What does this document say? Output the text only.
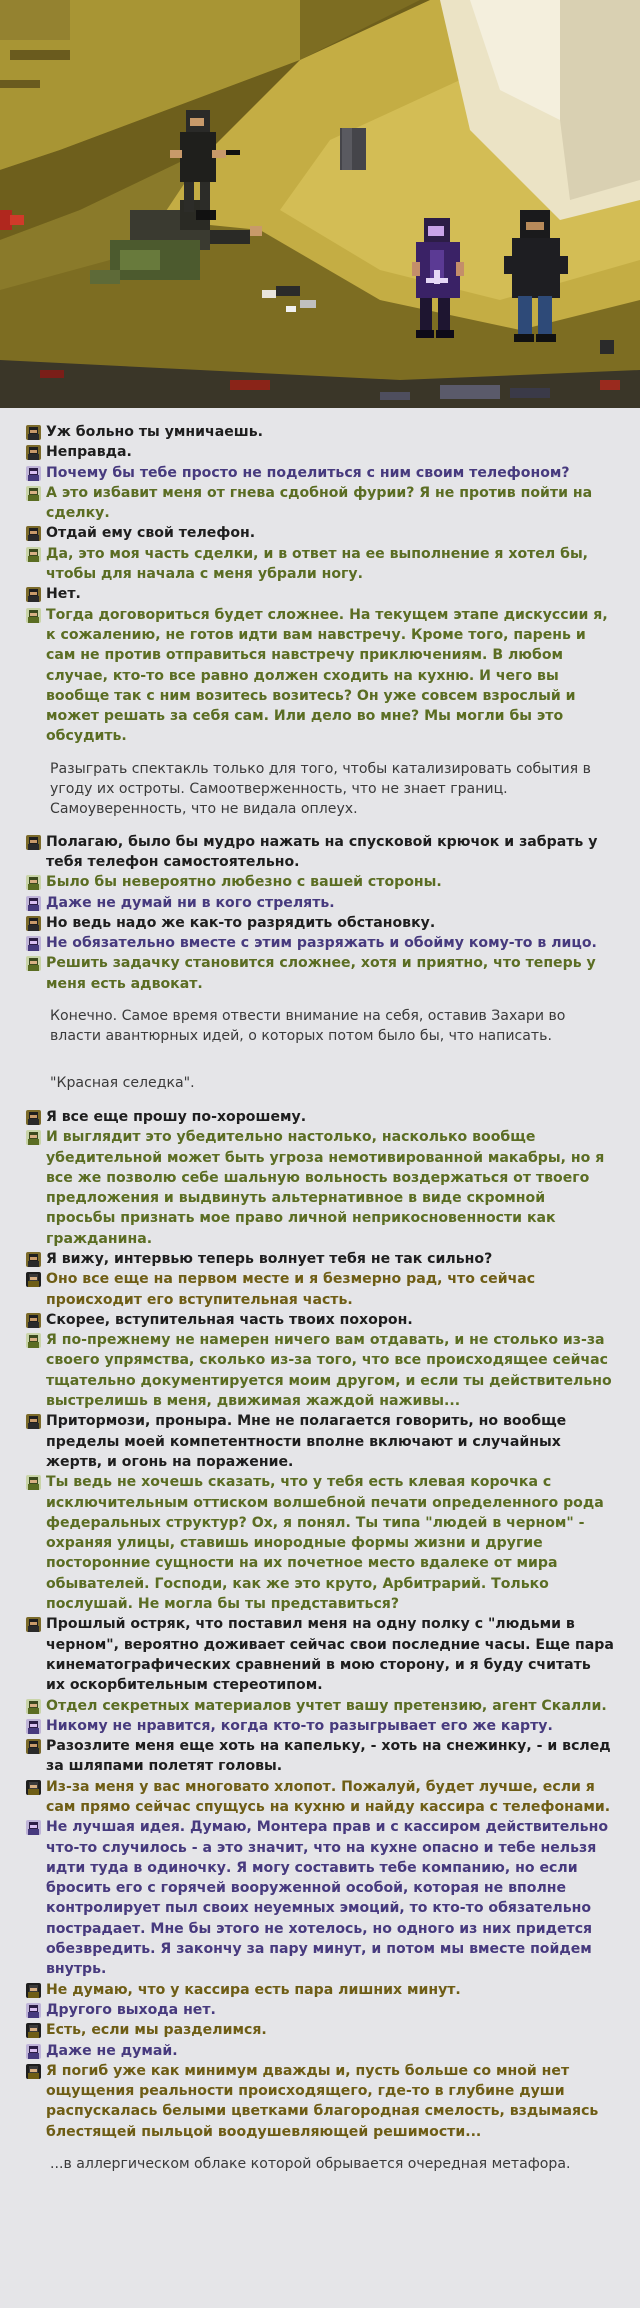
Уж больно ты умничаешь.
Неправда.
Почему бы тебе просто не поделиться с ним своим телефоном?
А это избавит меня от гнева сдобной фурии? Я не против пойти на сделку.
Отдай ему свой телефон.
Да, это моя часть сделки, и в ответ на ее выполнение я хотел бы, чтобы для начала с меня убрали ногу.
Нет.
Тогда договориться будет сложнее. На текущем этапе дискуссии я, к сожалению, не готов идти вам навстречу. Кроме того, парень и сам не против отправиться навстречу приключениям. В любом случае, кто-то все равно должен сходить на кухню. И чего вы вообще так с ним возитесь возитесь? Он уже совсем взрослый и может решать за себя сам. Или дело во мне? Мы могли бы это обсудить.

Разыграть спектакль только для того, чтобы катализировать события в угоду их остроты. Самоотверженность, что не знает границ. Самоуверенность, что не видала оплеух.

Полагаю, было бы мудро нажать на спусковой крючок и забрать у тебя телефон самостоятельно.
Было бы невероятно любезно с вашей стороны.
Даже не думай ни в кого стрелять.
Но ведь надо же как-то разрядить обстановку.
Не обязательно вместе с этим разряжать и обойму кому-то в лицо.
Решить задачку становится сложнее, хотя и приятно, что теперь у меня есть адвокат.

Конечно. Самое время отвести внимание на себя, оставив Захари во власти авантюрных идей, о которых потом было бы, что написать.

"Красная селедка".

Я все еще прошу по-хорошему.
И выглядит это убедительно настолько, насколько вообще убедительной может быть угроза немотивированной макабры, но я все же позволю себе шальную вольность воздержаться от твоего предложения и выдвинуть альтернативное в виде скромной просьбы признать мое право личной неприкосновенности как гражданина.
Я вижу, интервью теперь волнует тебя не так сильно?
Оно все еще на первом месте и я безмерно рад, что сейчас происходит его вступительная часть.
Скорее, вступительная часть твоих похорон.
Я по-прежнему не намерен ничего вам отдавать, и не столько из-за своего упрямства, сколько из-за того, что все происходящее сейчас тщательно документируется моим другом, и если ты действительно выстрелишь в меня, движимая жаждой наживы...
Притормози, проныра. Мне не полагается говорить, но вообще пределы моей компетентности вполне включают и случайных жертв, и огонь на поражение.
Ты ведь не хочешь сказать, что у тебя есть клевая корочка с исключительным оттиском волшебной печати определенного рода федеральных структур? Ох, я понял. Ты типа "людей в черном" - охраняя улицы, ставишь инородные формы жизни и другие посторонние сущности на их почетное место вдалеке от мира обывателей. Господи, как же это круто, Арбитрарий. Только послушай. Не могла бы ты представиться?
Прошлый остряк, что поставил меня на одну полку с "людьми в черном", вероятно доживает сейчас свои последние часы. Еще пара кинематографических сравнений в мою сторону, и я буду считать их оскорбительным стереотипом.
Отдел секретных материалов учтет вашу претензию, агент Скалли.
Никому не нравится, когда кто-то разыгрывает его же карту.
Разозлите меня еще хоть на капельку, - хоть на снежинку, - и вслед за шляпами полетят головы.
Из-за меня у вас многовато хлопот. Пожалуй, будет лучше, если я сам прямо сейчас спущусь на кухню и найду кассира с телефонами.
Не лучшая идея. Думаю, Монтера прав и с кассиром действительно что-то случилось - а это значит, что на кухне опасно и тебе нельзя идти туда в одиночку. Я могу составить тебе компанию, но если бросить его с горячей вооруженной особой, которая не вполне контролирует пыл своих неуемных эмоций, то кто-то обязательно пострадает. Мне бы этого не хотелось, но одного из них придется обезвредить. Я закончу за пару минут, и потом мы вместе пойдем внутрь.
Не думаю, что у кассира есть пара лишних минут.
Другого выхода нет.
Есть, если мы разделимся.
Даже не думай.
Я погиб уже как минимум дважды и, пусть больше со мной нет ощущения реальности происходящего, где-то в глубине души распускалась белыми цветками благородная смелость, вздымаясь блестящей пыльцой воодушевляющей решимости...

...в аллергическом облаке которой обрывается очередная метафора.
